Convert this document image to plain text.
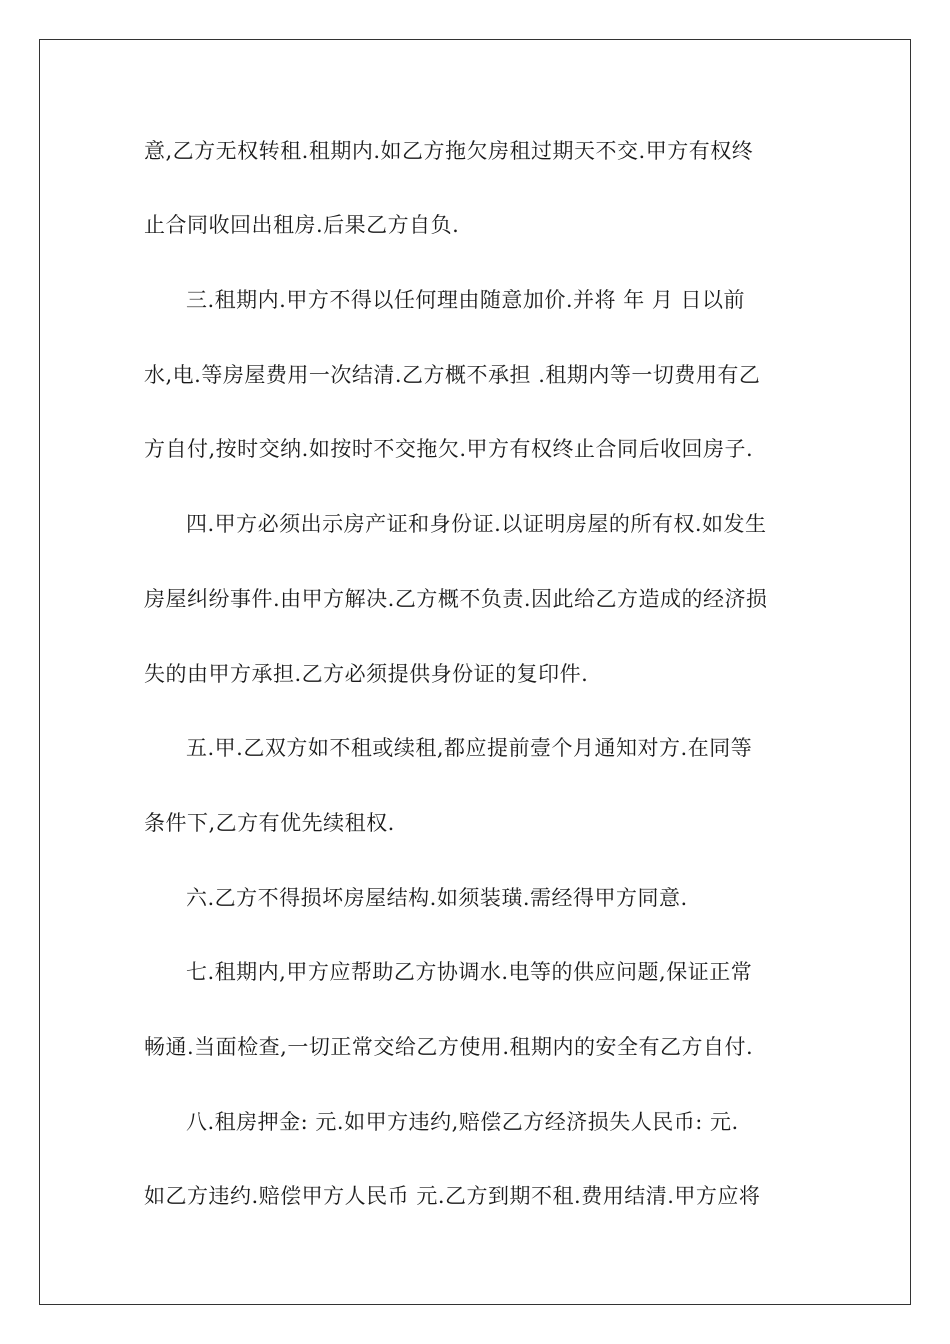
意,乙方无权转租.租期内.如乙方拖欠房租过期天不交.甲方有权终
止合同收回出租房.后果乙方自负.
三.租期内.甲方不得以任何理由随意加价.并将 年 月 日以前
水,电.等房屋费用一次结清.乙方概不承担 .租期内等一切费用有乙
方自付,按时交纳.如按时不交拖欠.甲方有权终止合同后收回房子.
四.甲方必须出示房产证和身份证.以证明房屋的所有权.如发生
房屋纠纷事件.由甲方解决.乙方概不负责.因此给乙方造成的经济损
失的由甲方承担.乙方必须提供身份证的复印件.
五.甲.乙双方如不租或续租,都应提前壹个月通知对方.在同等
条件下,乙方有优先续租权.
六.乙方不得损坏房屋结构.如须装璜.需经得甲方同意.
七.租期内,甲方应帮助乙方协调水.电等的供应问题,保证正常
畅通.当面检查,一切正常交给乙方使用.租期内的安全有乙方自付.
八.租房押金: 元.如甲方违约,赔偿乙方经济损失人民币: 元.
如乙方违约.赔偿甲方人民币 元.乙方到期不租.费用结清.甲方应将
